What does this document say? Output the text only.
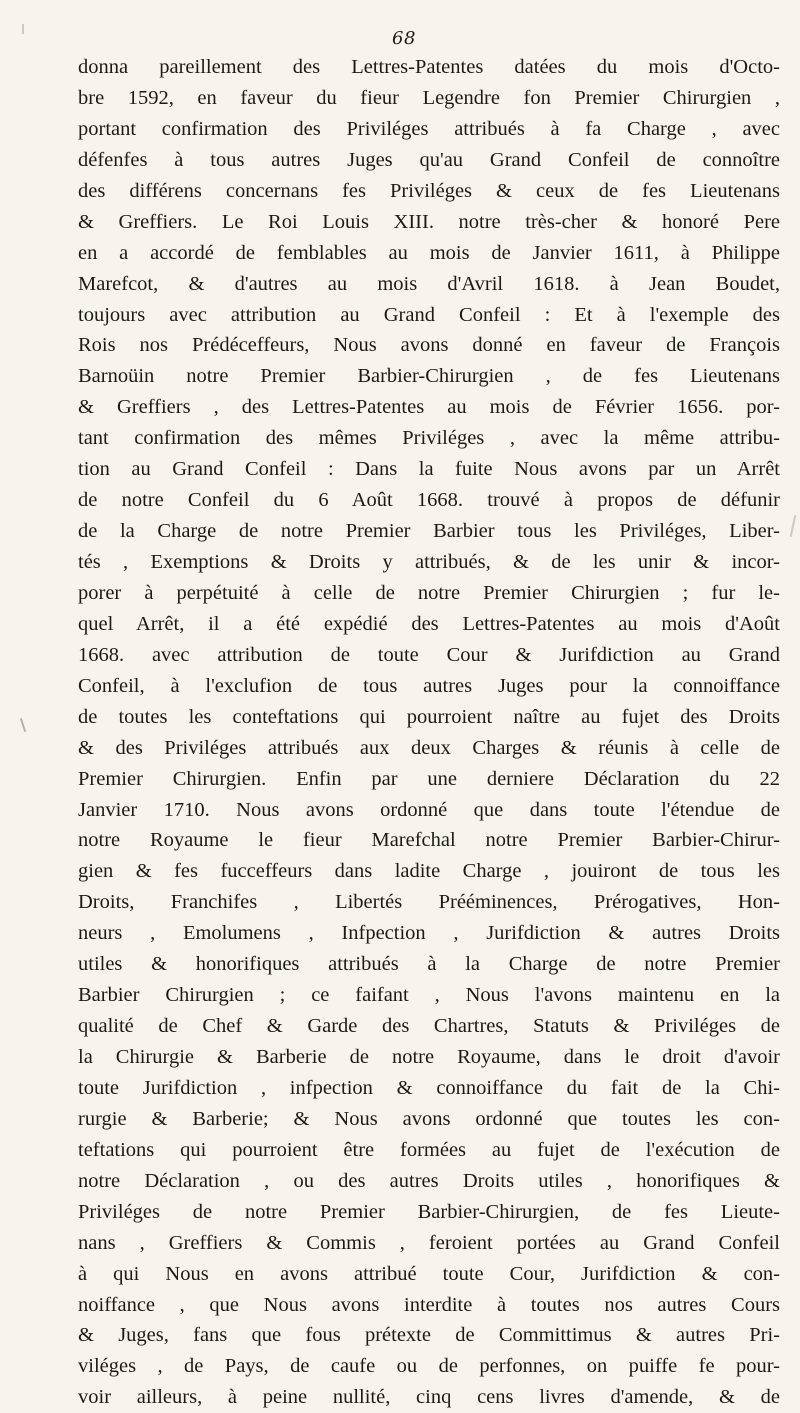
68
donna pareillement des Lettres-Patentes datées du mois d'Octo-
bre 1592, en faveur du fieur Legendre fon Premier Chirurgien ,
portant confirmation des Priviléges attribués à fa Charge , avec
défenfes à tous autres Juges qu'au Grand Confeil de connoître
des différens concernans fes Priviléges & ceux de fes Lieutenans
& Greffiers. Le Roi Louis XIII. notre très-cher & honoré Pere
en a accordé de femblables au mois de Janvier 1611, à Philippe
Marefcot, & d'autres au mois d'Avril 1618. à Jean Boudet,
toujours avec attribution au Grand Confeil : Et à l'exemple des
Rois nos Prédéceffeurs, Nous avons donné en faveur de François
Barnoüin notre Premier Barbier-Chirurgien , de fes Lieutenans
& Greffiers , des Lettres-Patentes au mois de Février 1656. por-
tant confirmation des mêmes Priviléges , avec la même attribu-
tion au Grand Confeil : Dans la fuite Nous avons par un Arrêt
de notre Confeil du 6 Août 1668. trouvé à propos de défunir
de la Charge de notre Premier Barbier tous les Priviléges, Liber-
tés , Exemptions & Droits y attribués, & de les unir & incor-
porer à perpétuité à celle de notre Premier Chirurgien ; fur le-
quel Arrêt, il a été expédié des Lettres-Patentes au mois d'Août
1668. avec attribution de toute Cour & Jurifdiction au Grand
Confeil, à l'exclufion de tous autres Juges pour la connoiffance
de toutes les conteftations qui pourroient naître au fujet des Droits
& des Priviléges attribués aux deux Charges & réunis à celle de
Premier Chirurgien. Enfin par une derniere Déclaration du 22
Janvier 1710. Nous avons ordonné que dans toute l'étendue de
notre Royaume le fieur Marefchal notre Premier Barbier-Chirur-
gien & fes fucceffeurs dans ladite Charge , jouiront de tous les
Droits, Franchifes , Libertés Prééminences, Prérogatives, Hon-
neurs , Emolumens , Infpection , Jurifdiction & autres Droits
utiles & honorifiques attribués à la Charge de notre Premier
Barbier Chirurgien ; ce faifant , Nous l'avons maintenu en la
qualité de Chef & Garde des Chartres, Statuts & Priviléges de
la Chirurgie & Barberie de notre Royaume, dans le droit d'avoir
toute Jurifdiction , infpection & connoiffance du fait de la Chi-
rurgie & Barberie; & Nous avons ordonné que toutes les con-
teftations qui pourroient être formées au fujet de l'exécution de
notre Déclaration , ou des autres Droits utiles , honorifiques &
Priviléges de notre Premier Barbier-Chirurgien, de fes Lieute-
nans , Greffiers & Commis , feroient portées au Grand Confeil
à qui Nous en avons attribué toute Cour, Jurifdiction & con-
noiffance , que Nous avons interdite à toutes nos autres Cours
& Juges, fans que fous prétexte de Committimus & autres Pri-
viléges , de Pays, de caufe ou de perfonnes, on puiffe fe pour-
voir ailleurs, à peine nullité, cinq cens livres d'amende, & de
